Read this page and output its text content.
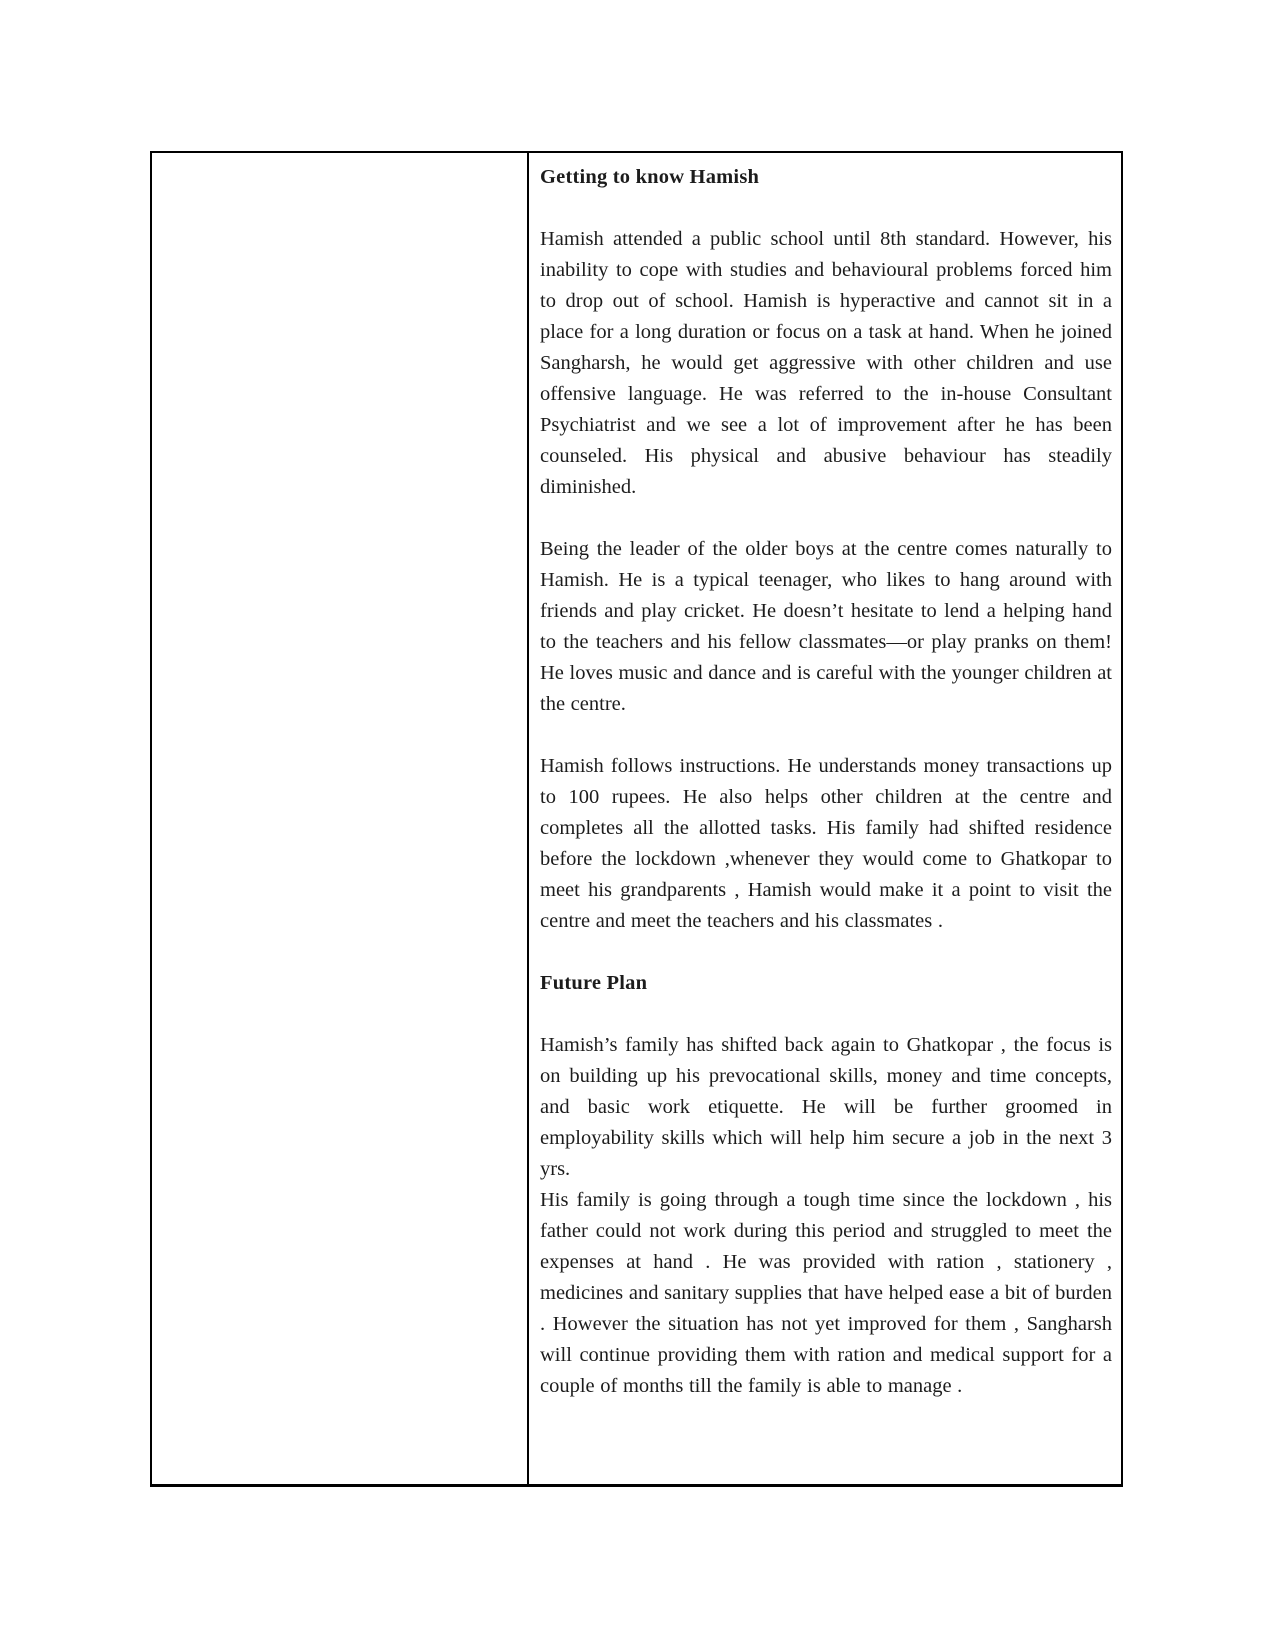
Getting to know Hamish

Hamish attended a public school until 8th standard. However, his inability to cope with studies and behavioural problems forced him to drop out of school. Hamish is hyperactive and cannot sit in a place for a long duration or focus on a task at hand. When he joined Sangharsh, he would get aggressive with other children and use offensive language. He was referred to the in-house Consultant Psychiatrist and we see a lot of improvement after he has been counseled. His physical and abusive behaviour has steadily diminished.

Being the leader of the older boys at the centre comes naturally to Hamish. He is a typical teenager, who likes to hang around with friends and play cricket. He doesn’t hesitate to lend a helping hand to the teachers and his fellow classmates—or play pranks on them! He loves music and dance and is careful with the younger children at the centre.

Hamish follows instructions. He understands money transactions up to 100 rupees. He also helps other children at the centre and completes all the allotted tasks. His family had shifted residence before the lockdown ,whenever they would come to Ghatkopar to meet his grandparents , Hamish would make it a point to visit the centre and meet the teachers and his classmates .

Future Plan

Hamish’s family has shifted back again to Ghatkopar , the focus is on building up his prevocational skills, money and time concepts, and basic work etiquette. He will be further groomed in employability skills which will help him secure a job in the next 3 yrs.

His family is going through a tough time since the lockdown , his father could not work during this period and struggled to meet the expenses at hand . He was provided with ration , stationery , medicines and sanitary supplies that have helped ease a bit of burden . However the situation has not yet improved for them , Sangharsh will continue providing them with ration and medical support for a couple of months till the family is able to manage .
